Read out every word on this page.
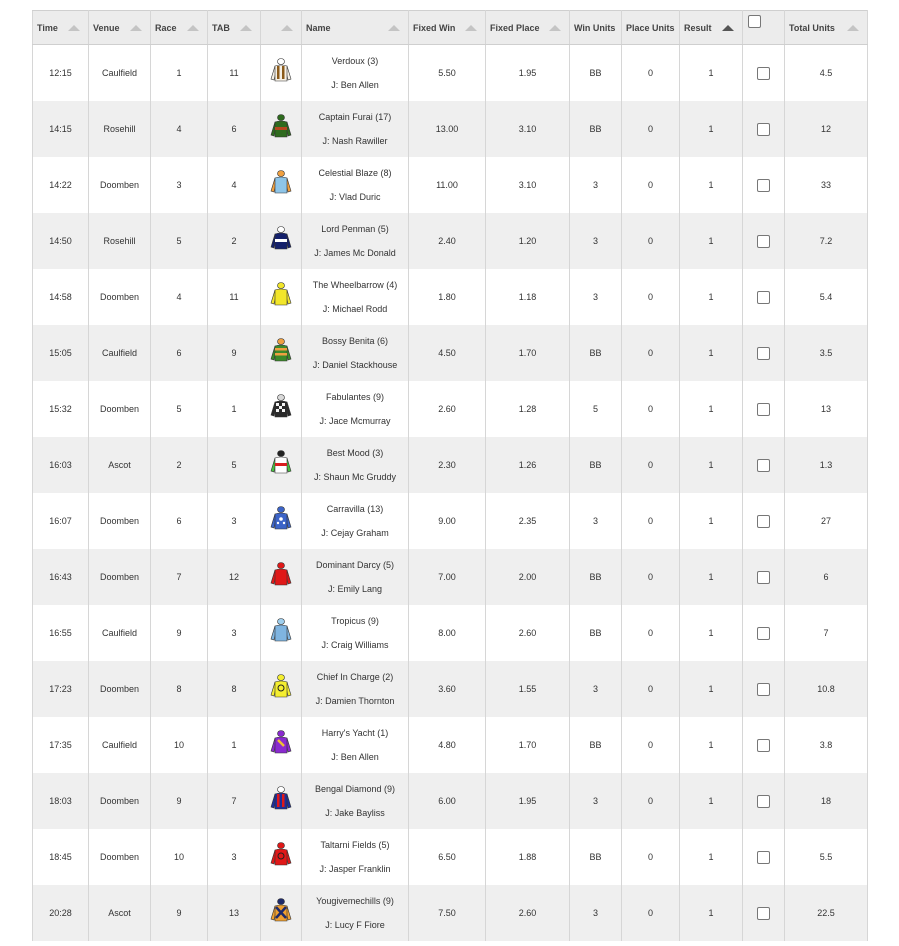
Time	Venue	Race	TAB		Name	Fixed Win	Fixed Place	Win Units	Place Units	Result		Total Units

12:15	Caulfield	1	11		Verdoux (3)
J: Ben Allen	5.50	1.95	BB	0	1		4.5
14:15	Rosehill	4	6		Captain Furai (17)
J: Nash Rawiller	13.00	3.10	BB	0	1		12
14:22	Doomben	3	4		Celestial Blaze (8)
J: Vlad Duric	11.00	3.10	3	0	1		33
14:50	Rosehill	5	2		Lord Penman (5)
J: James Mc Donald	2.40	1.20	3	0	1		7.2
14:58	Doomben	4	11		The Wheelbarrow (4)
J: Michael Rodd	1.80	1.18	3	0	1		5.4
15:05	Caulfield	6	9		Bossy Benita (6)
J: Daniel Stackhouse	4.50	1.70	BB	0	1		3.5
15:32	Doomben	5	1		Fabulantes (9)
J: Jace Mcmurray	2.60	1.28	5	0	1		13
16:03	Ascot	2	5		Best Mood (3)
J: Shaun Mc Gruddy	2.30	1.26	BB	0	1		1.3
16:07	Doomben	6	3		Carravilla (13)
J: Cejay Graham	9.00	2.35	3	0	1		27
16:43	Doomben	7	12		Dominant Darcy (5)
J: Emily Lang	7.00	2.00	BB	0	1		6
16:55	Caulfield	9	3		Tropicus (9)
J: Craig Williams	8.00	2.60	BB	0	1		7
17:23	Doomben	8	8		Chief In Charge (2)
J: Damien Thornton	3.60	1.55	3	0	1		10.8
17:35	Caulfield	10	1		Harry's Yacht (1)
J: Ben Allen	4.80	1.70	BB	0	1		3.8
18:03	Doomben	9	7		Bengal Diamond (9)
J: Jake Bayliss	6.00	1.95	3	0	1		18
18:45	Doomben	10	3		Taltarni Fields (5)
J: Jasper Franklin	6.50	1.88	BB	0	1		5.5
20:28	Ascot	9	13		Yougivemechills (9)
J: Lucy F Fiore	7.50	2.60	3	0	1		22.5
